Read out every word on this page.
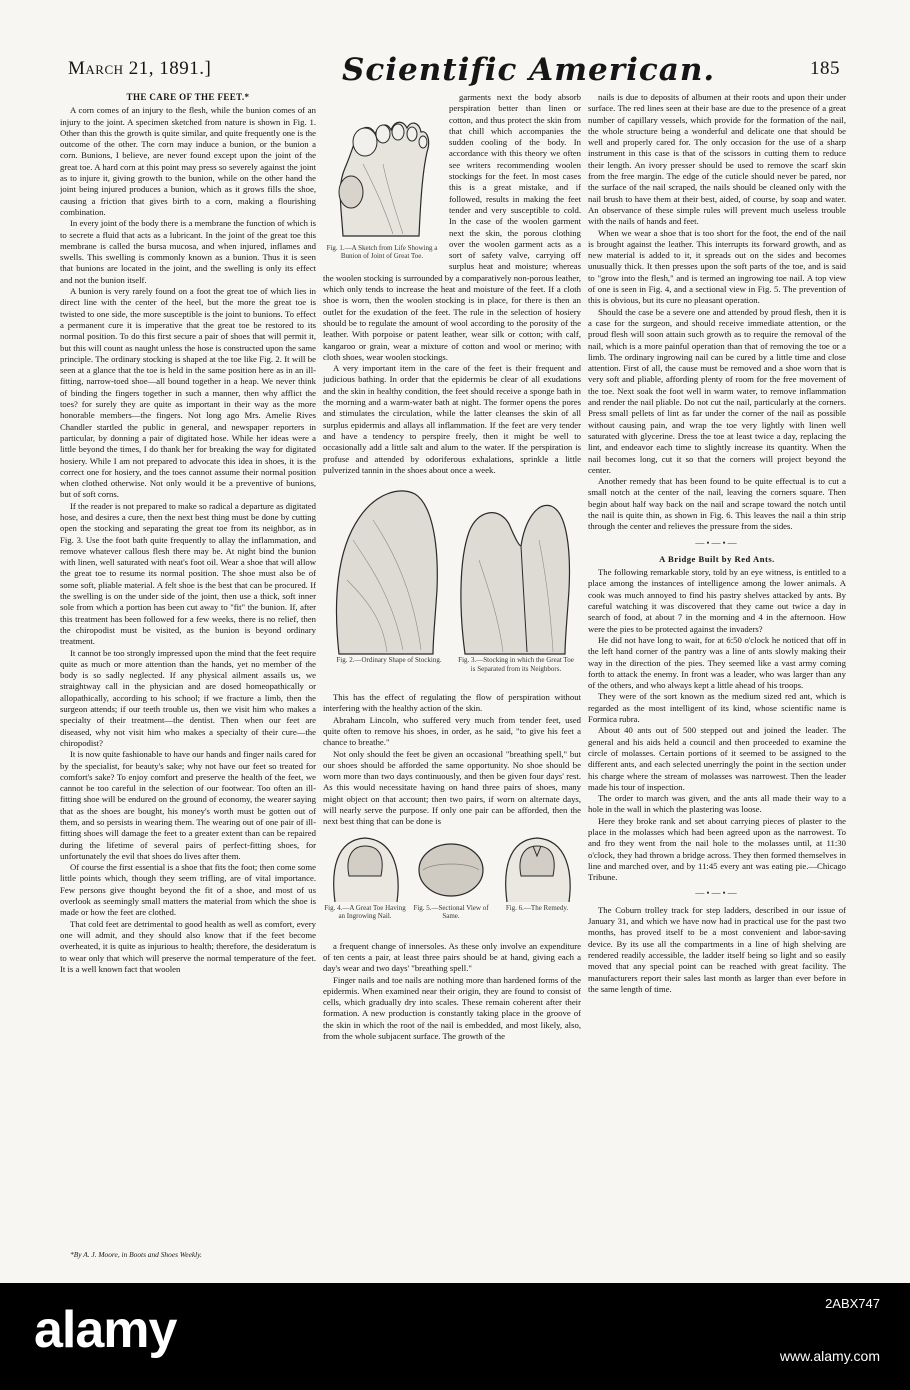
March 21, 1891.]	Scientific American.	185
THE CARE OF THE FEET.*

A corn comes of an injury to the flesh, while the bunion comes of an injury to the joint. A specimen sketched from nature is shown in Fig. 1. Other than this the growth is quite similar, and quite frequently one is the outcome of the other. The corn may induce a bunion, or the bunion a corn. Bunions, I believe, are never found except upon the joint of the great toe. A hard corn at this point may press so severely against the joint as to injure it, giving growth to the bunion, while on the other hand the joint being injured produces a bunion, which as it grows fills the shoe, causing a friction that gives birth to a corn, making a flourishing combination.

In every joint of the body there is a membrane the function of which is to secrete a fluid that acts as a lubricant. In the joint of the great toe this membrane is called the bursa mucosa, and when injured, inflames and swells. This swelling is commonly known as a bunion. Thus it is seen that bunions are located in the joint, and the swelling is only its effect and not the bunion itself.

A bunion is very rarely found on a foot the great toe of which lies in direct line with the center of the heel, but the more the great toe is twisted to one side, the more susceptible is the joint to bunions. To effect a permanent cure it is imperative that the great toe be restored to its normal position. To do this first secure a pair of shoes that will permit it, but this will count as naught unless the hose is constructed upon the same principle. The ordinary stocking is shaped at the toe like Fig. 2. It will be seen at a glance that the toe is held in the same position here as in an ill-fitting, narrow-toed shoe—all bound together in a heap. We never think of binding the fingers together in such a manner, then why afflict the toes? for surely they are quite as important in their way as the more honorable members—the fingers. Not long ago Mrs. Amelie Rives Chandler startled the public in general, and newspaper reporters in particular, by donning a pair of digitated hose. While her ideas were a little beyond the times, I do thank her for breaking the way for digitated hosiery. While I am not prepared to advocate this idea in shoes, it is the correct one for hosiery, and the toes cannot assume their normal position when clothed otherwise. Not only would it be a preventive of bunions, but of soft corns.

If the reader is not prepared to make so radical a departure as digitated hose, and desires a cure, then the next best thing must be done by cutting open the stocking and separating the great toe from its neighbor, as in Fig. 3. Use the foot bath quite frequently to allay the inflammation, and remove whatever callous flesh there may be. At night bind the bunion with linen, well saturated with neat's foot oil. Wear a shoe that will allow the great toe to resume its normal position. The shoe must also be of some soft, pliable material. A felt shoe is the best that can be procured. If the swelling is on the under side of the joint, then use a thick, soft inner sole from which a portion has been cut away to "fit" the bunion. If, after this treatment has been followed for a few weeks, there is no relief, then the chiropodist must be visited, as the bunion is beyond ordinary treatment.

It cannot be too strongly impressed upon the mind that the feet require quite as much or more attention than the hands, yet no member of the body is so sadly neglected. If any physical ailment assails us, we straightway call in the physician and are dosed homeopathically or allopathically, according to his school; if we fracture a limb, then the surgeon attends; if our teeth trouble us, then we visit him who makes a specialty of their treatment—the dentist. Then when our feet are diseased, why not visit him who makes a specialty of their cure—the chiropodist?

It is now quite fashionable to have our hands and finger nails cared for by the specialist, for beauty's sake; why not have our feet so treated for comfort's sake? To enjoy comfort and preserve the health of the feet, we cannot be too careful in the selection of our footwear. Too often an ill-fitting shoe will be endured on the ground of economy, the wearer saying that as the shoes are bought, his money's worth must be gotten out of them, and so persists in wearing them. The wearing out of one pair of ill-fitting shoes will damage the feet to a greater extent than can be repaired during the lifetime of several pairs of perfect-fitting shoes, for unfortunately the evil that shoes do lives after them.

Of course the first essential is a shoe that fits the foot; then come some little points which, though they seem trifling, are of vital importance. Few persons give thought beyond the fit of a shoe, and most of us overlook as seemingly small matters the material from which the shoe is made or how the feet are clothed.

That cold feet are detrimental to good health as well as comfort, every one will admit, and they should also know that if the feet become overheated, it is quite as injurious to health; therefore, the desideratum is to wear only that which will preserve the normal temperature of the feet. It is a well known fact that woolen

*By A. J. Moore, in Boots and Shoes Weekly.
Fig. 1.—A Sketch from Life Showing a Bunion of Joint of Great Toe.

garments next the body absorb perspiration better than linen or cotton, and thus protect the skin from that chill which accompanies the sudden cooling of the body. In accordance with this theory we often see writers recommending woolen stockings for the feet. In most cases this is a great mistake, and if followed, results in making the feet tender and very susceptible to cold. In the case of the woolen garment next the skin, the porous clothing over the woolen garment acts as a sort of safety valve, carrying off surplus heat and moisture; whereas the woolen stocking is surrounded by a comparatively non-porous leather, which only tends to increase the heat and moisture of the feet. If a cloth shoe is worn, then the woolen stocking is in place, for there is then an outlet for the exudation of the feet. The rule in the selection of hosiery should be to regulate the amount of wool according to the porosity of the leather. With porpoise or patent leather, wear silk or cotton; with calf, kangaroo or grain, wear a mixture of cotton and wool or merino; with cloth shoes, wear woolen stockings.

A very important item in the care of the feet is their frequent and judicious bathing. In order that the epidermis be clear of all exudations and the skin in healthy condition, the feet should receive a sponge bath in the morning and a warm-water bath at night. The former opens the pores and stimulates the circulation, while the latter cleanses the skin of all surplus epidermis and allays all inflammation. If the feet are very tender and have a tendency to perspire freely, then it might be well to occasionally add a little salt and alum to the water. If the perspiration is profuse and attended by odoriferous exhalations, sprinkle a little pulverized tannin in the shoes about once a week.

Fig. 2.—Ordinary Shape of Stocking.	Fig. 3.—Stocking in which the Great Toe is Separated from its Neighbors.

This has the effect of regulating the flow of perspiration without interfering with the healthy action of the skin.

Abraham Lincoln, who suffered very much from tender feet, used quite often to remove his shoes, in order, as he said, "to give his feet a chance to breathe."

Not only should the feet be given an occasional "breathing spell," but our shoes should be afforded the same opportunity. No shoe should be worn more than two days continuously, and then be given four days' rest. As this would necessitate having on hand three pairs of shoes, many might object on that account; then two pairs, if worn on alternate days, will nearly serve the purpose. If only one pair can be afforded, then the next best thing that can be done is

Fig. 4.—A Great Toe Having an Ingrowing Nail.
Fig. 5.—Sectional View of Same.
Fig. 6.—The Remedy.

a frequent change of innersoles. As these only involve an expenditure of ten cents a pair, at least three pairs should be at hand, giving each a day's wear and two days' "breathing spell."

Finger nails and toe nails are nothing more than hardened forms of the epidermis. When examined near their origin, they are found to consist of cells, which gradually dry into scales. These remain coherent after their formation. A new production is constantly taking place in the groove of the skin in which the root of the nail is embedded, and most likely, also, from the whole subjacent surface. The growth of the

nails is due to deposits of albumen at their roots and upon their under surface. The red lines seen at their base are due to the presence of a great number of capillary vessels, which provide for the formation of the nail, the whole structure being a wonderful and delicate one that should be well and properly cared for. The only occasion for the use of a sharp instrument in this case is that of the scissors in cutting them to reduce their length. An ivory presser should be used to remove the scarf skin from the free margin. The edge of the cuticle should never be pared, nor the surface of the nail scraped, the nails should be cleaned only with the nail brush to have them at their best, aided, of course, by soap and water. An observance of these simple rules will prevent much useless trouble with the nails of hands and feet.

When we wear a shoe that is too short for the foot, the end of the nail is brought against the leather. This interrupts its forward growth, and as new material is added to it, it spreads out on the sides and becomes unusually thick. It then presses upon the soft parts of the toe, and is said to "grow into the flesh," and is termed an ingrowing toe nail. A top view of one is seen in Fig. 4, and a sectional view in Fig. 5. The prevention of this is obvious, but its cure no pleasant operation.

Should the case be a severe one and attended by proud flesh, then it is a case for the surgeon, and should receive immediate attention, or the proud flesh will soon attain such growth as to require the removal of the nail, which is a more painful operation than that of removing the toe or a limb. The ordinary ingrowing nail can be cured by a little time and close attention. First of all, the cause must be removed and a shoe worn that is very soft and pliable, affording plenty of room for the free movement of the toe. Next soak the foot well in warm water, to remove inflammation and render the nail pliable. Do not cut the nail, particularly at the corners. Press small pellets of lint as far under the corner of the nail as possible without causing pain, and wrap the toe very lightly with linen well saturated with glycerine. Dress the toe at least twice a day, replacing the lint, and endeavor each time to slightly increase its quantity. When the nail becomes long, cut it so that the corners will project beyond the center.

Another remedy that has been found to be quite effectual is to cut a small notch at the center of the nail, leaving the corners square. Then begin about half way back on the nail and scrape toward the notch until the nail is quite thin, as shown in Fig. 6. This leaves the nail a thin strip through the center and relieves the pressure from the sides.

—•—•—
A Bridge Built by Red Ants.

The following remarkable story, told by an eye witness, is entitled to a place among the instances of intelligence among the lower animals. A cook was much annoyed to find his pastry shelves attacked by ants. By careful watching it was discovered that they came out twice a day in search of food, at about 7 in the morning and 4 in the afternoon. How were the pies to be protected against the invaders?

He did not have long to wait, for at 6:50 o'clock he noticed that off in the left hand corner of the pantry was a line of ants slowly making their way in the direction of the pies. They seemed like a vast army coming forth to attack the enemy. In front was a leader, who was larger than any of the others, and who always kept a little ahead of his troops.

They were of the sort known as the medium sized red ant, which is regarded as the most intelligent of its kind, whose scientific name is Formica rubra.

About 40 ants out of 500 stepped out and joined the leader. The general and his aids held a council and then proceeded to examine the circle of molasses. Certain portions of it seemed to be assigned to the different ants, and each selected unerringly the point in the section under his charge where the stream of molasses was narrowest. Then the leader made his tour of inspection.

The order to march was given, and the ants all made their way to a hole in the wall in which the plastering was loose.

Here they broke rank and set about carrying pieces of plaster to the place in the molasses which had been agreed upon as the narrowest. To and fro they went from the nail hole to the molasses until, at 11:30 o'clock, they had thrown a bridge across. They then formed themselves in line and marched over, and by 11:45 every ant was eating pie.—Chicago Tribune.

—•—•—

The Coburn trolley track for step ladders, described in our issue of January 31, and which we have now had in practical use for the past two months, has proved itself to be a most convenient and labor-saving device. By its use all the compartments in a line of high shelving are rendered readily accessible, the ladder itself being so light and so easily moved that any special point can be reached with great facility. The manufacturers report their sales last month as larger than ever before in the same length of time.

alamy	2ABX747
www.alamy.com
